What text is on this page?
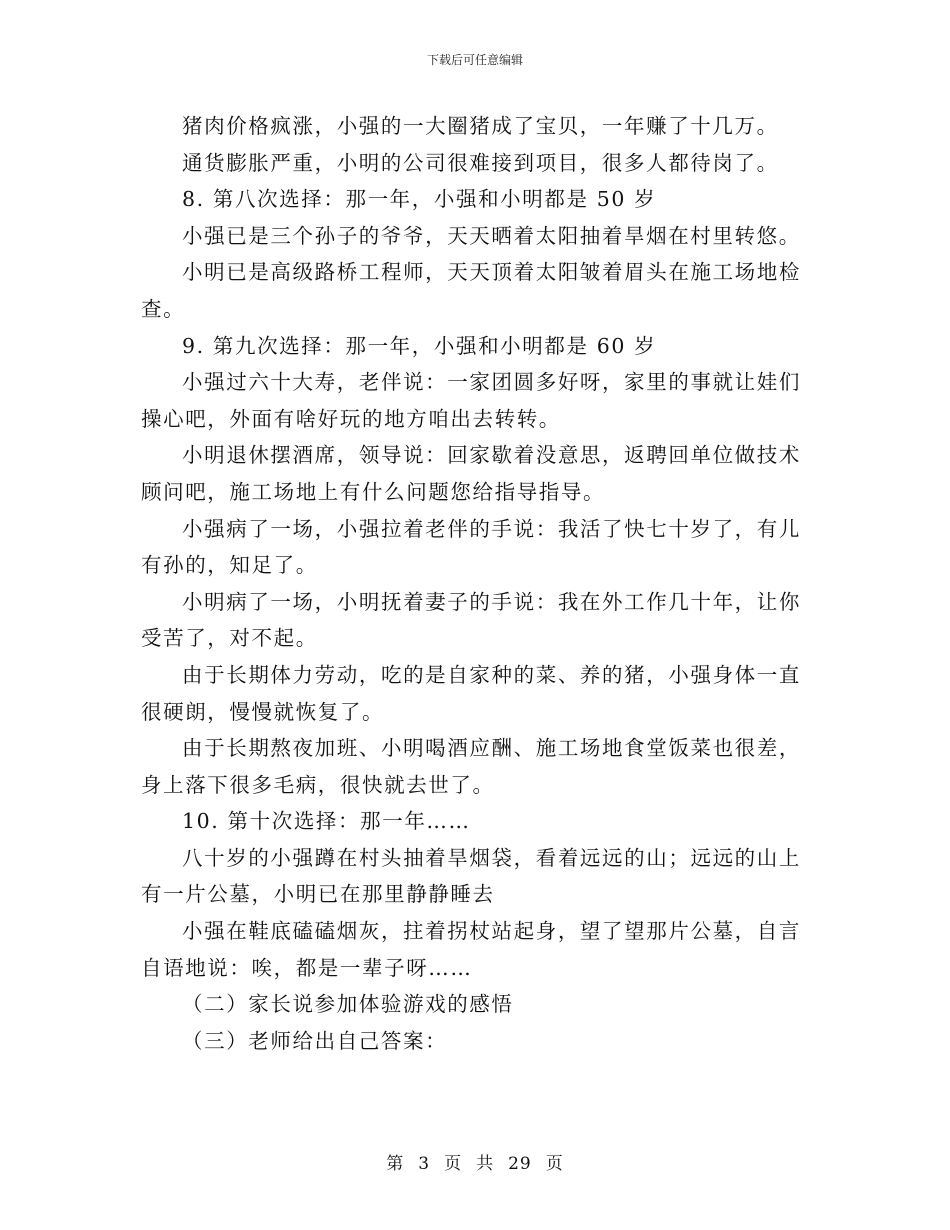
下载后可任意编辑

猪肉价格疯涨，小强的一大圈猪成了宝贝，一年赚了十几万。

通货膨胀严重，小明的公司很难接到项目，很多人都待岗了。

8. 第八次选择：那一年，小强和小明都是 50 岁

小强已是三个孙子的爷爷，天天晒着太阳抽着旱烟在村里转悠。

小明已是高级路桥工程师，天天顶着太阳皱着眉头在施工场地检查。

9. 第九次选择：那一年，小强和小明都是 60 岁

小强过六十大寿，老伴说：一家团圆多好呀，家里的事就让娃们操心吧，外面有啥好玩的地方咱出去转转。

小明退休摆酒席，领导说：回家歇着没意思，返聘回单位做技术顾问吧，施工场地上有什么问题您给指导指导。

小强病了一场，小强拉着老伴的手说：我活了快七十岁了，有儿有孙的，知足了。

小明病了一场，小明抚着妻子的手说：我在外工作几十年，让你受苦了，对不起。

由于长期体力劳动，吃的是自家种的菜、养的猪，小强身体一直很硬朗，慢慢就恢复了。

由于长期熬夜加班、小明喝酒应酬、施工场地食堂饭菜也很差，身上落下很多毛病，很快就去世了。

10. 第十次选择：那一年……

八十岁的小强蹲在村头抽着旱烟袋，看着远远的山；远远的山上有一片公墓，小明已在那里静静睡去

小强在鞋底磕磕烟灰，拄着拐杖站起身，望了望那片公墓，自言自语地说：唉，都是一辈子呀……

（二）家长说参加体验游戏的感悟

（三）老师给出自己答案：

第 3 页 共 29 页
